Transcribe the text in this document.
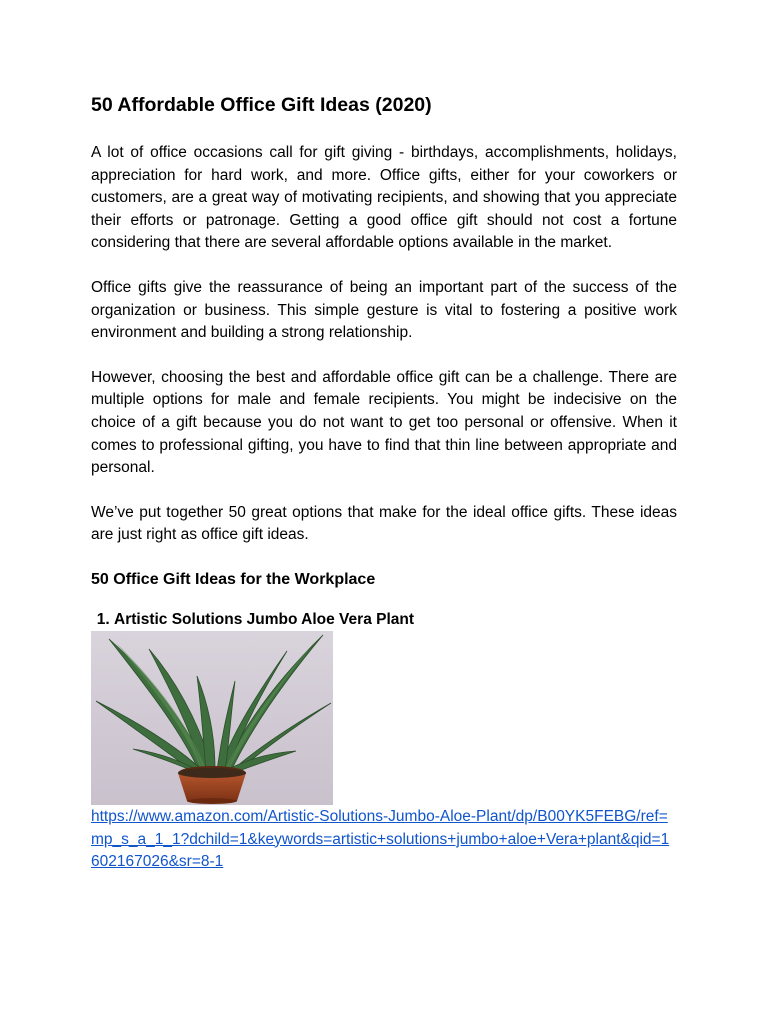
50 Affordable Office Gift Ideas (2020)

A lot of office occasions call for gift giving - birthdays, accomplishments, holidays, appreciation for hard work, and more. Office gifts, either for your coworkers or customers, are a great way of motivating recipients, and showing that you appreciate their efforts or patronage. Getting a good office gift should not cost a fortune considering that there are several affordable options available in the market.

Office gifts give the reassurance of being an important part of the success of the organization or business. This simple gesture is vital to fostering a positive work environment and building a strong relationship.

However, choosing the best and affordable office gift can be a challenge. There are multiple options for male and female recipients. You might be indecisive on the choice of a gift because you do not want to get too personal or offensive. When it comes to professional gifting, you have to find that thin line between appropriate and personal.

We’ve put together 50 great options that make for the ideal office gifts. These ideas are just right as office gift ideas.

50 Office Gift Ideas for the Workplace
1. Artistic Solutions Jumbo Aloe Vera Plant
https://www.amazon.com/Artistic-Solutions-Jumbo-Aloe-Plant/dp/B00YK5FEBG/ref=mp_s_a_1_1?dchild=1&keywords=artistic+solutions+jumbo+aloe+Vera+plant&qid=1602167026&sr=8-1
